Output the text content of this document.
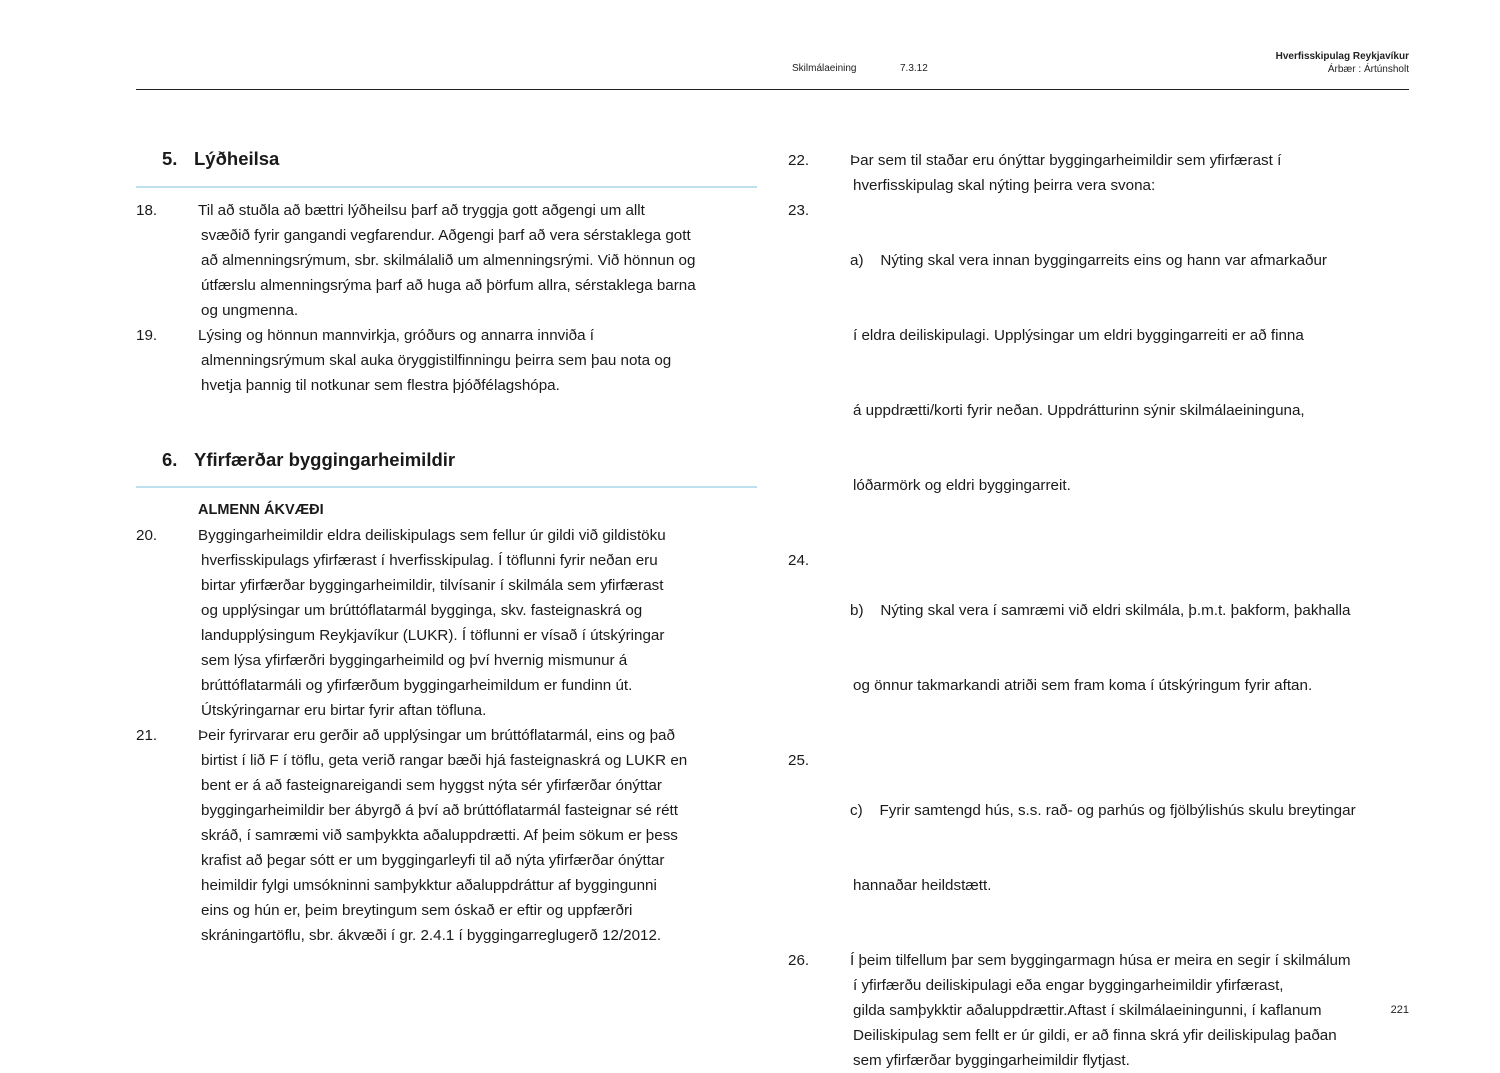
Skilmálaeining	7.3.12
Hverfisskipulag Reykjavíkur
Árbær : Ártúnsholt
5. Lýðheilsa
18.	Til að stuðla að bættri lýðheilsu þarf að tryggja gott aðgengi um allt
svæðið fyrir gangandi vegfarendur. Aðgengi þarf að vera sérstaklega gott
að almenningsrýmum, sbr. skilmálalið um almenningsrými. Við hönnun og
útfærslu almenningsrýma þarf að huga að þörfum allra, sérstaklega barna
og ungmenna.
19.	Lýsing og hönnun mannvirkja, gróðurs og annarra innviða í
almenningsrýmum skal auka öryggistilfinningu þeirra sem þau nota og
hvetja þannig til notkunar sem flestra þjóðfélagshópa.
6. Yfirfærðar byggingarheimildir
ALMENN ÁKVÆÐI
20.	Byggingarheimildir eldra deiliskipulags sem fellur úr gildi við gildistöku
hverfisskipulags yfirfærast í hverfisskipulag. Í töflunni fyrir neðan eru
birtar yfirfærðar byggingarheimildir, tilvísanir í skilmála sem yfirfærast
og upplýsingar um brúttóflatarmál bygginga, skv. fasteignaskrá og
landupplýsingum Reykjavíkur (LUKR). Í töflunni er vísað í útskýringar
sem lýsa yfirfærðri byggingarheimild og því hvernig mismunur á
brúttóflatarmáli og yfirfærðum byggingarheimildum er fundinn út.
Útskýringarnar eru birtar fyrir aftan töfluna.
21.	Þeir fyrirvarar eru gerðir að upplýsingar um brúttóflatarmál, eins og það
birtist í lið F í töflu, geta verið rangar bæði hjá fasteignaskrá og LUKR en
bent er á að fasteignareigandi sem hyggst nýta sér yfirfærðar ónýttar
byggingarheimildir ber ábyrgð á því að brúttóflatarmál fasteignar sé rétt
skráð, í samræmi við samþykkta aðaluppdrætti. Af þeim sökum er þess
krafist að þegar sótt er um byggingarleyfi til að nýta yfirfærðar ónýttar
heimildir fylgi umsókninni samþykktur aðaluppdráttur af byggingunni
eins og hún er, þeim breytingum sem óskað er eftir og uppfærðri
skráningartöflu, sbr. ákvæði í gr. 2.4.1 í byggingarreglugerð 12/2012.
22.	Þar sem til staðar eru ónýttar byggingarheimildir sem yfirfærast í
hverfisskipulag skal nýting þeirra vera svona:
23.

a)    Nýting skal vera innan byggingarreits eins og hann var afmarkaður

í eldra deiliskipulagi. Upplýsingar um eldri byggingarreiti er að finna

á uppdrætti/korti fyrir neðan. Uppdrátturinn sýnir skilmálaeininguna,

lóðarmörk og eldri byggingarreit.

24.

b)    Nýting skal vera í samræmi við eldri skilmála, þ.m.t. þakform, þakhalla

og önnur takmarkandi atriði sem fram koma í útskýringum fyrir aftan.

25.

c)    Fyrir samtengd hús, s.s. rað- og parhús og fjölbýlishús skulu breytingar

hannaðar heildstætt.

26.	Í þeim tilfellum þar sem byggingarmagn húsa er meira en segir í skilmálum
í yfirfærðu deiliskipulagi eða engar byggingarheimildir yfirfærast,
gilda samþykktir aðaluppdrættir.Aftast í skilmálaeiningunni, í kaflanum
Deiliskipulag sem fellt er úr gildi, er að finna skrá yfir deiliskipulag þaðan
sem yfirfærðar byggingarheimildir flytjast.
221
